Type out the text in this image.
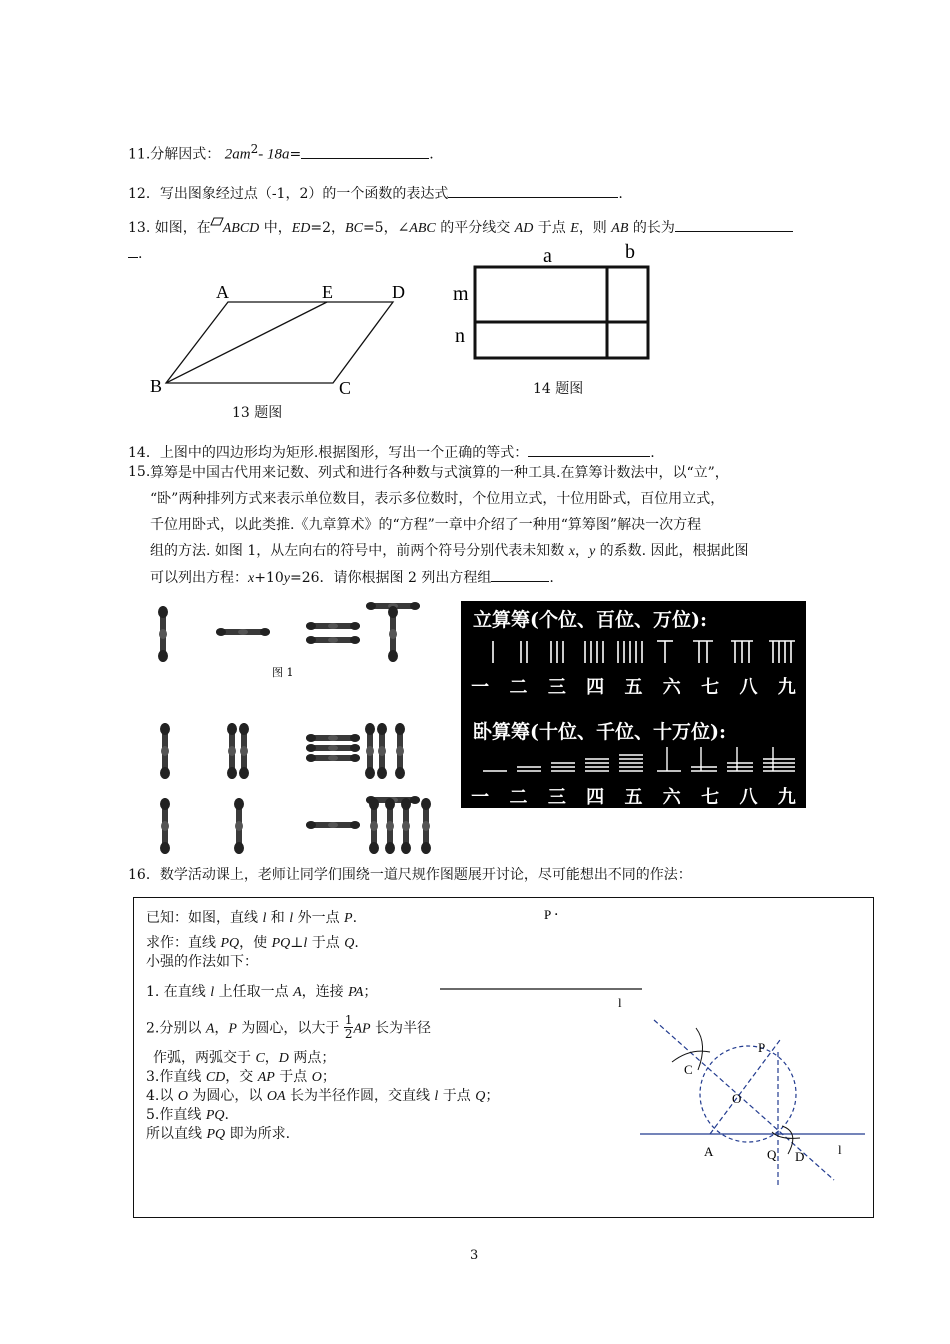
11.分解因式： $2am^2-$ 18a=	.
12．写出图象经过点（-1，2）的一个函数的表达式	.
13. 如图，在 ABCD 中，ED=2，BC=5，∠ABC 的平分线交 AD 于点 E，则 AB 的长为
.
A	E	D
B	C
13 题图
a	b
m
n
14 题图
14．上图中的四边形均为矩形.根据图形，写出一个正确的等式：	.
15. 算筹是中国古代用来记数、列式和进行各种数与式演算的一种工具.在算筹计数法中，以“立”，
“卧”两种排列方式来表示单位数目，表示多位数时，个位用立式，十位用卧式，百位用立式，
千位用卧式，以此类推.《九章算术》的“方程”一章中介绍了一种用“算筹图”解决一次方程
组的方法. 如图 1，从左向右的符号中，前两个符号分别代表未知数 x，y 的系数. 因此，根据此图
可以列出方程：x+10y=26．请你根据图 2 列出方程组	.
图 1
立算筹(个位、百位、万位):
一 二 三 四 五 六 七 八 九
卧算筹(十位、千位、十万位):
一 二 三 四 五 六 七 八 九
16．数学活动课上，老师让同学们围绕一道尺规作图题展开讨论，尽可能想出不同的作法：
已知：如图，直线 l 和 l 外一点 P.
求作：直线 PQ，使 PQ⊥l 于点 Q.
小强的作法如下：
1. 在直线 l 上任取一点 A，连接 PA；
2.分别以 A，P 为圆心，以大于 $\frac{1}{2}$ AP 长为半径
作弧，两弧交于 C，D 两点；
3.作直线 CD，交 AP 于点 O；
4.以 O 为圆心，以 OA 长为半径作圆，交直线 l 于点 Q；
5.作直线 PQ.
所以直线 PQ 即为所求.
P ·
l
P
C
O
A	Q D	l
3
